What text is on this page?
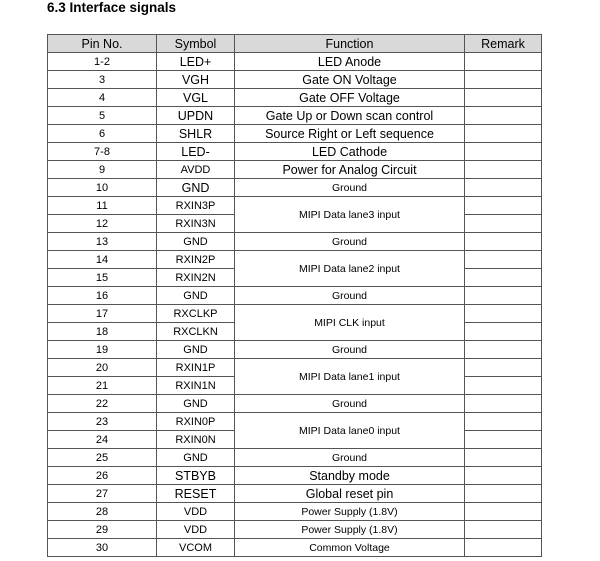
6.3 Interface signals
Pin No.	Symbol	Function	Remark
1-2	LED+	LED Anode	
3	VGH	Gate ON Voltage	
4	VGL	Gate OFF Voltage	
5	UPDN	Gate Up or Down scan control	
6	SHLR	Source Right or Left sequence	
7-8	LED-	LED Cathode	
9	AVDD	Power for Analog Circuit	
10	GND	Ground	
11	RXIN3P	MIPI Data lane3 input	
12	RXIN3N		
13	GND	Ground	
14	RXIN2P	MIPI Data lane2 input	
15	RXIN2N		
16	GND	Ground	
17	RXCLKP	MIPI CLK input	
18	RXCLKN		
19	GND	Ground	
20	RXIN1P	MIPI Data lane1 input	
21	RXIN1N		
22	GND	Ground	
23	RXIN0P	MIPI Data lane0 input	
24	RXIN0N		
25	GND	Ground	
26	STBYB	Standby mode	
27	RESET	Global reset pin	
28	VDD	Power Supply (1.8V)	
29	VDD	Power Supply (1.8V)	
30	VCOM	Common Voltage	
